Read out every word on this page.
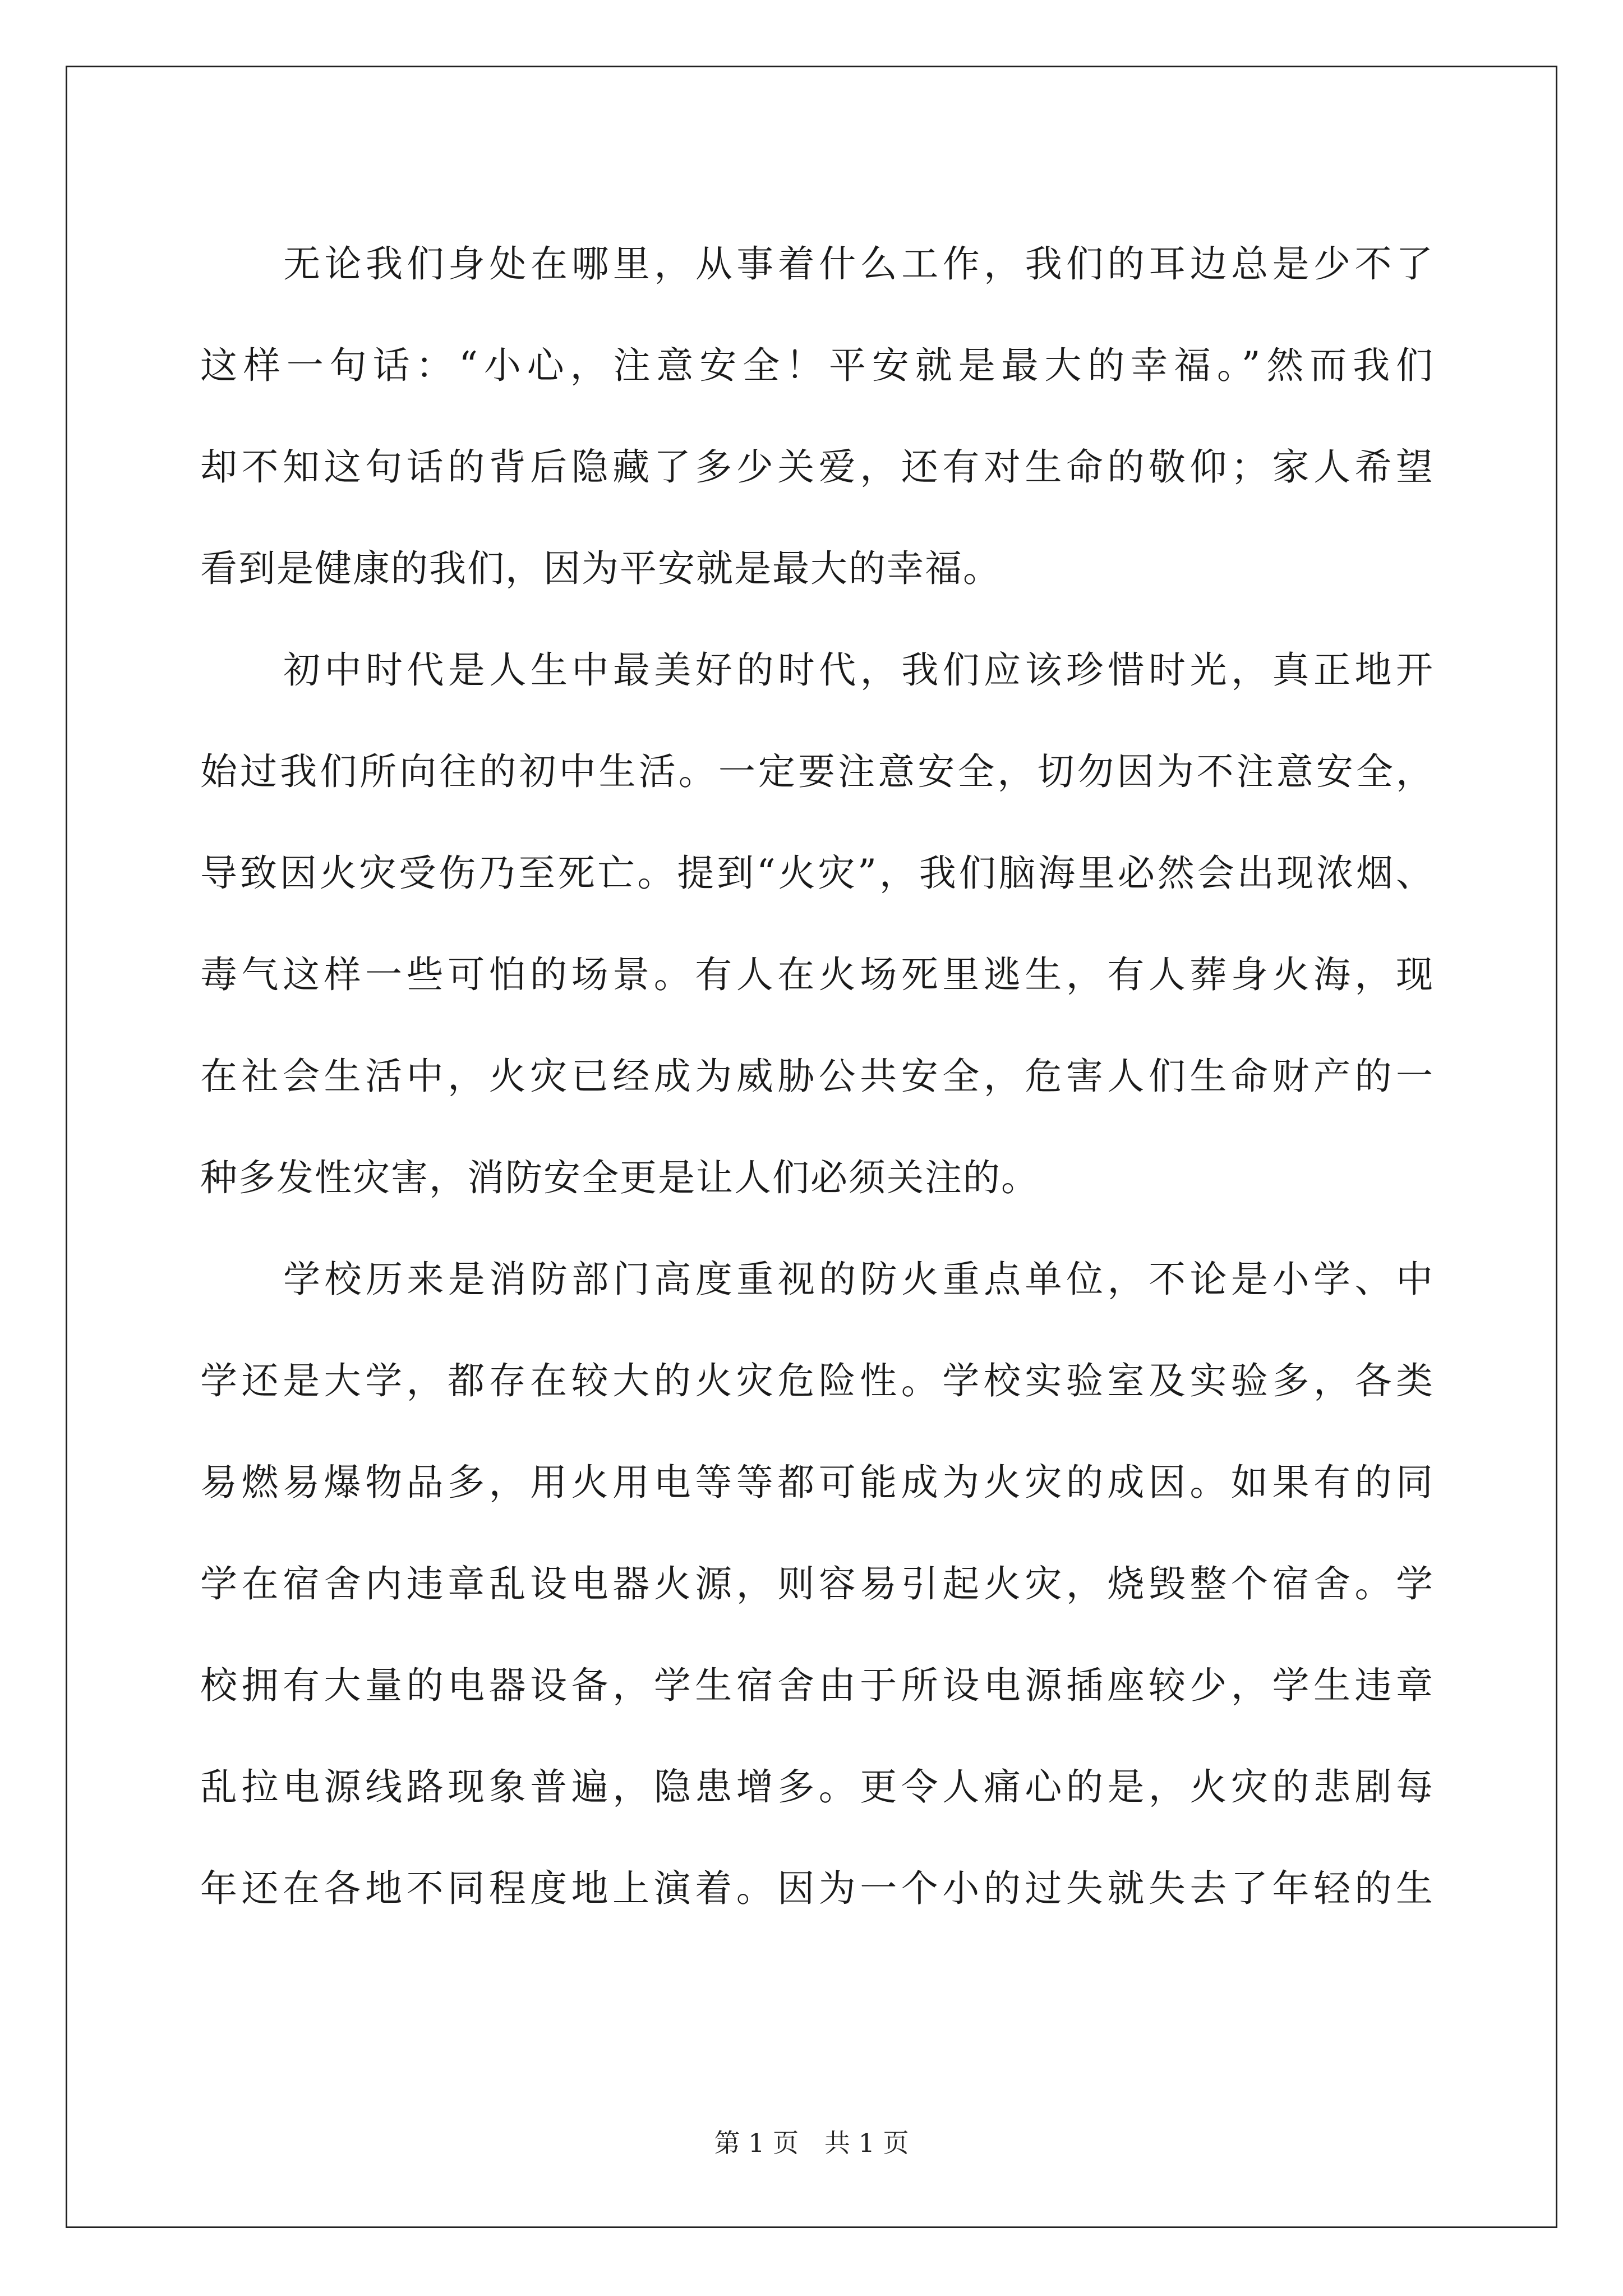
无论我们身处在哪里，从事着什么工作，我们的耳边总是少不了
这样一句话：“小心，注意安全！平安就是最大的幸福。”然而我们
却不知这句话的背后隐藏了多少关爱，还有对生命的敬仰；家人希望
看到是健康的我们，因为平安就是最大的幸福。
初中时代是人生中最美好的时代，我们应该珍惜时光，真正地开
始过我们所向往的初中生活。一定要注意安全，切勿因为不注意安全，
导致因火灾受伤乃至死亡。提到“火灾”，我们脑海里必然会出现浓烟、
毒气这样一些可怕的场景。有人在火场死里逃生，有人葬身火海，现
在社会生活中，火灾已经成为威胁公共安全，危害人们生命财产的一
种多发性灾害，消防安全更是让人们必须关注的。
学校历来是消防部门高度重视的防火重点单位，不论是小学、中
学还是大学，都存在较大的火灾危险性。学校实验室及实验多，各类
易燃易爆物品多，用火用电等等都可能成为火灾的成因。如果有的同
学在宿舍内违章乱设电器火源，则容易引起火灾，烧毁整个宿舍。学
校拥有大量的电器设备，学生宿舍由于所设电源插座较少，学生违章
乱拉电源线路现象普遍，隐患增多。更令人痛心的是，火灾的悲剧每
年还在各地不同程度地上演着。因为一个小的过失就失去了年轻的生
第 1 页　共 1 页
